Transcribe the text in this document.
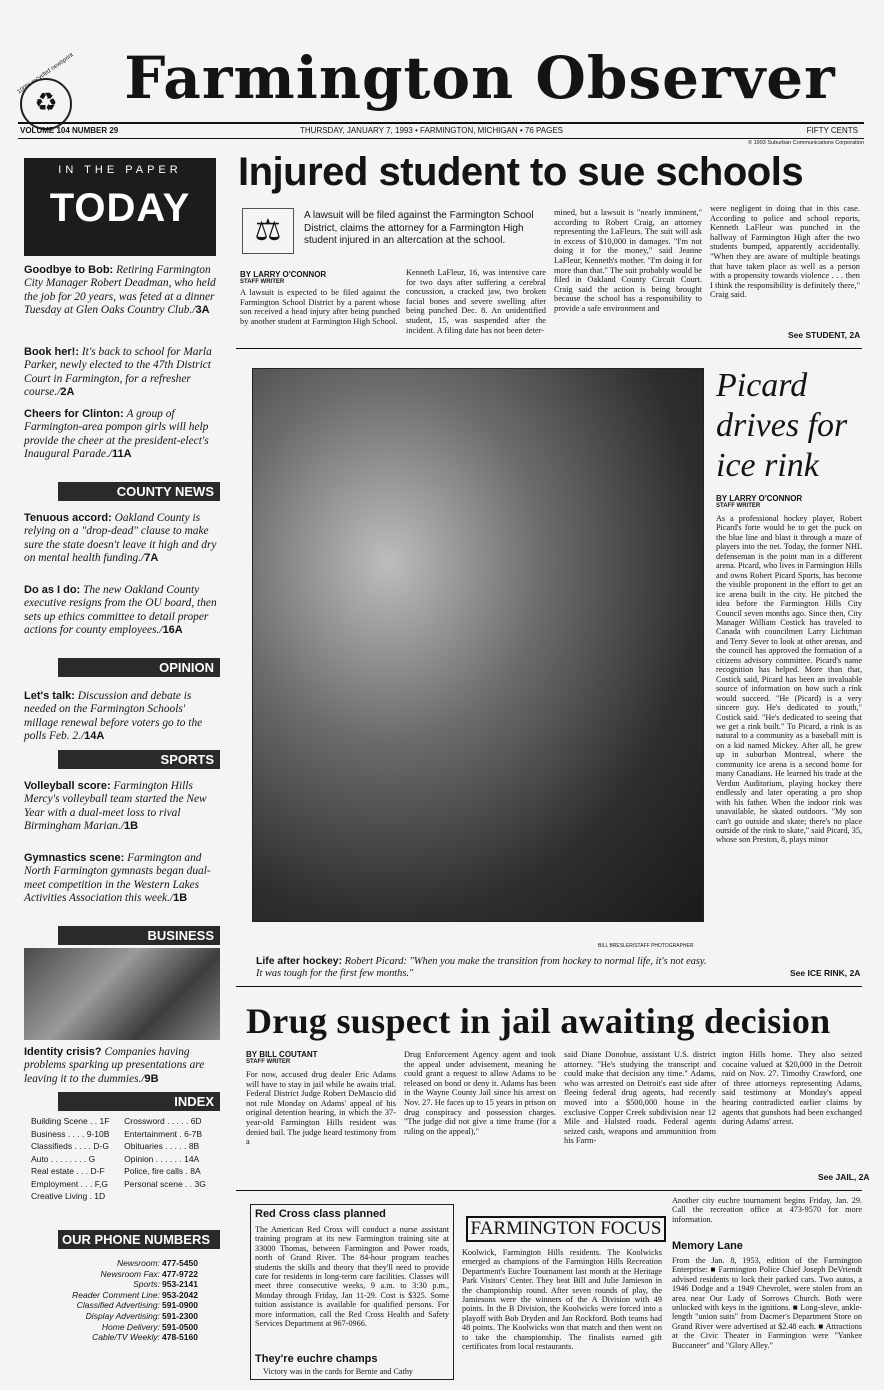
100% recycled newsprint
♻ Farmington Observer
VOLUME 104 NUMBER 29	THURSDAY, JANUARY 7, 1993 • FARMINGTON, MICHIGAN • 76 PAGES	FIFTY CENTS
© 1993 Suburban Communications Corporation
IN THE PAPER
TODAY
Goodbye to Bob: Retiring Farmington City Manager Robert Deadman, who held the job for 20 years, was feted at a dinner Tuesday at Glen Oaks Country Club./3A
Book her!: It's back to school for Marla Parker, newly elected to the 47th District Court in Farmington, for a refresher course./2A
Cheers for Clinton: A group of Farmington-area pompon girls will help provide the cheer at the president-elect's Inaugural Parade./11A
COUNTY NEWS
Tenuous accord: Oakland County is relying on a "drop-dead" clause to make sure the state doesn't leave it high and dry on mental health funding./7A
Do as I do: The new Oakland County executive resigns from the OU board, then sets up ethics committee to detail proper actions for county employees./16A
OPINION
Let's talk: Discussion and debate is needed on the Farmington Schools' millage renewal before voters go to the polls Feb. 2./14A
SPORTS
Volleyball score: Farmington Hills Mercy's volleyball team started the New Year with a dual-meet loss to rival Birmingham Marian./1B
Gymnastics scene: Farmington and North Farmington gymnasts began dual-meet competition in the Western Lakes Activities Association this week./1B
BUSINESS
Identity crisis? Companies having problems sparking up presentations are leaving it to the dummies./9B
INDEX
Building Scene . . 1F	Crossword . . . . . 6D
Business . . . . 9-10B	Entertainment . 6-7B
Classifieds . . . . D-G	Obituaries . . . . . 8B
Auto . . . . . . . . G	Opinion . . . . . . 14A
Real estate . . . D-F	Police, fire calls . 8A
Employment . . . F,G	Personal scene . . 3G
Creative Living . 1D	
OUR PHONE NUMBERS
Newsroom: 477-5450
Newsroom Fax: 477-9722
Sports: 953-2141
Reader Comment Line: 953-2042
Classified Advertising: 591-0900
Display Advertising: 591-2300
Home Delivery: 591-0500
Cable/TV Weekly: 478-5160
Injured student to sue schools
⚖	A lawsuit will be filed against the Farmington School District, claims the attorney for a Farmington High student injured in an altercation at the school.
BY LARRY O'CONNOR
STAFF WRITER
A lawsuit is expected to be filed against the Farmington School District by a parent whose son received a head injury after being punched by another student at Farmington High School.
Kenneth LaFleur, 16, was intensive care for two days after suffering a cerebral concussion, a cracked jaw, two broken facial bones and severe swelling after being punched Dec. 8. An unidentified student, 15, was suspended after the incident. A filing date has not been deter-
mined, but a lawsuit is "nearly imminent," according to Robert Craig, an attorney representing the LaFleurs. The suit will ask in excess of $10,000 in damages. "I'm not doing it for the money," said Jeanne LaFleur, Kenneth's mother. "I'm doing it for more than that." The suit probably would be filed in Oakland County Circuit Court. Craig said the action is being brought because the school has a responsibility to provide a safe environment and
were negligent in doing that in this case. According to police and school reports, Kenneth LaFleur was punched in the hallway of Farmington High after the two students bumped, apparently accidentally. "When they are aware of multiple beatings that have taken place as well as a person with a propensity towards violence . . . then I think the responsibility is definitely there," Craig said.
See STUDENT, 2A
BILL BRESLER/STAFF PHOTOGRAPHER
Life after hockey: Robert Picard: "When you make the transition from hockey to normal life, it's not easy. It was tough for the first few months."
Picard drives for ice rink
BY LARRY O'CONNOR
STAFF WRITER
As a professional hockey player, Robert Picard's forte would be to get the puck on the blue line and blast it through a maze of players into the net. Today, the former NHL defenseman is the point man in a different arena. Picard, who lives in Farmington Hills and owns Robert Picard Sports, has become the visible proponent in the effort to get an ice arena built in the city. He pitched the idea before the Farmington Hills City Council seven months ago. Since then, City Manager William Costick has traveled to Canada with councilmen Larry Lichtman and Terry Sever to look at other arenas, and the council has approved the formation of a citizens advisory committee. Picard's name recognition has helped. More than that, Costick said, Picard has been an invaluable source of information on how such a rink would succeed. "He (Picard) is a very sincere guy. He's dedicated to youth," Costick said. "He's dedicated to seeing that we get a rink built." To Picard, a rink is as natural to a community as a baseball mitt is on a kid named Mickey. After all, he grew up in suburban Montreal, where the community ice arena is a second home for many Canadians. He learned his trade at the Verdun Auditorium, playing hockey there endlessly and later operating a pro shop with his father. When the indoor rink was unavailable, he skated outdoors. "My son can't go outside and skate; there's no place outside of the rink to skate," said Picard, 35, whose son Preston, 8, plays minor
See ICE RINK, 2A
Drug suspect in jail awaiting decision
BY BILL COUTANT
STAFF WRITER
For now, accused drug dealer Eric Adams will have to stay in jail while he awaits trial. Federal District Judge Robert DeMascio did not rule Monday on Adams' appeal of his original detention hearing, in which the 37-year-old Farmington Hills resident was denied bail. The judge heard testimony from a
Drug Enforcement Agency agent and took the appeal under advisement, meaning he could grant a request to allow Adams to be released on bond or deny it. Adams has been in the Wayne County Jail since his arrest on Nov. 27. He faces up to 15 years in prison on drug conspiracy and possession charges. "The judge did not give a time frame (for a ruling on the appeal),"
said Diane Donohue, assistant U.S. district attorney. "He's studying the transcript and could make that decision any time." Adams, who was arrested on Detroit's east side after fleeing federal drug agents, had recently moved into a $500,000 house in the exclusive Copper Creek subdivision near 12 Mile and Halsted roads. Federal agents seized cash, weapons and ammunition from his Farm-
ington Hills home. They also seized cocaine valued at $20,000 in the Detroit raid on Nov. 27. Timothy Crawford, one of three attorneys representing Adams, said testimony at Monday's appeal hearing contradicted earlier claims by agents that gunshots had been exchanged during Adams' arrest.
See JAIL, 2A
Red Cross class planned
The American Red Cross will conduct a nurse assistant training program at its new Farmington training site at 33000 Thomas, between Farmington and Power roads, north of Grand River. The 84-hour program teaches students the skills and theory that they'll need to provide care for residents in long-term care facilities. Classes will meet three consecutive weeks, 9 a.m. to 3:30 p.m., Monday through Friday, Jan 11-29. Cost is $325. Some tuition assistance is available for qualified persons. For more information, call the Red Cross Health and Safety Services Department at 967-0966.
They're euchre champs
Victory was in the cards for Bernie and Cathy
FARMINGTON FOCUS
Koolwick, Farmington Hills residents. The Koolwicks emerged as champions of the Farmington Hills Recreation Department's Euchre Tournament last month at the Heritage Park Visitors' Center. They beat Bill and Julie Jamieson in the championship round. After seven rounds of play, the Jamiesons were the winners of the A Division with 49 points. In the B Division, the Koolwicks were forced into a playoff with Bob Dryden and Jan Rockford. Both teams had 48 points. The Koolwicks won that match and then went on to take the championship. The finalists earned gift certificates from local restaurants.
Another city euchre tournament begins Friday, Jan. 29. Call the recreation office at 473-9570 for more information.
Memory Lane
From the Jan. 8, 1953, edition of the Farmington Enterprise: ■ Farmington Police Chief Joseph DeVriendt advised residents to lock their parked cars. Two autos, a 1946 Dodge and a 1949 Chevrolet, were stolen from an area near Our Lady of Sorrows Church. Both were unlocked with keys in the ignitions. ■ Long-sleve, ankle-length "union suits" from Dacmer's Department Store on Grand River were advertised at $2.48 each. ■ Attractions at the Civic Theater in Farmington were "Yankee Buccaneer" and "Glory Alley."
